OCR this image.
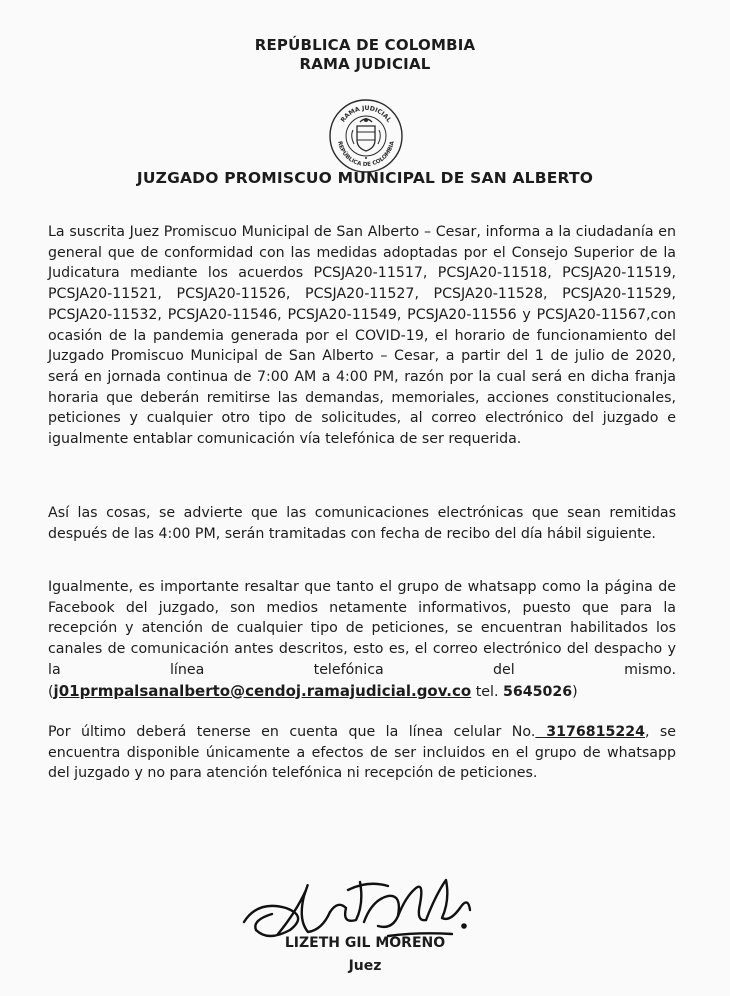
REPÚBLICA DE COLOMBIA
RAMA JUDICIAL
RAMA JUDICIAL
REPÚBLICA DE COLOMBIA
JUZGADO PROMISCUO MUNICIPAL DE SAN ALBERTO

La suscrita Juez Promiscuo Municipal de San Alberto – Cesar, informa a la ciudadanía en general que de conformidad con las medidas adoptadas por el Consejo Superior de la Judicatura mediante los acuerdos PCSJA20-11517, PCSJA20-11518, PCSJA20-11519, PCSJA20-11521, PCSJA20-11526, PCSJA20-11527, PCSJA20-11528, PCSJA20-11529, PCSJA20-11532, PCSJA20-11546, PCSJA20-11549, PCSJA20-11556 y PCSJA20-11567,con ocasión de la pandemia generada por el COVID-19, el horario de funcionamiento del Juzgado Promiscuo Municipal de San Alberto – Cesar, a partir del 1 de julio de 2020, será en jornada continua de 7:00 AM a 4:00 PM, razón por la cual será en dicha franja horaria que deberán remitirse las demandas, memoriales, acciones constitucionales, peticiones y cualquier otro tipo de solicitudes, al correo electrónico del juzgado e igualmente entablar comunicación vía telefónica de ser requerida.

Así las cosas, se advierte que las comunicaciones electrónicas que sean remitidas después de las 4:00 PM, serán tramitadas con fecha de recibo del día hábil siguiente.

Igualmente, es importante resaltar que tanto el grupo de whatsapp como la página de Facebook del juzgado, son medios netamente informativos, puesto que para la recepción y atención de cualquier tipo de peticiones, se encuentran habilitados los canales de comunicación antes descritos, esto es, el correo electrónico del despacho y la línea telefónica del mismo. (j01prmpalsanalberto@cendoj.ramajudicial.gov.co tel. 5645026)

Por último deberá tenerse en cuenta que la línea celular No. 3176815224, se encuentra disponible únicamente a efectos de ser incluidos en el grupo de whatsapp del juzgado y no para atención telefónica ni recepción de peticiones.

LIZETH GIL MORENO
Juez
